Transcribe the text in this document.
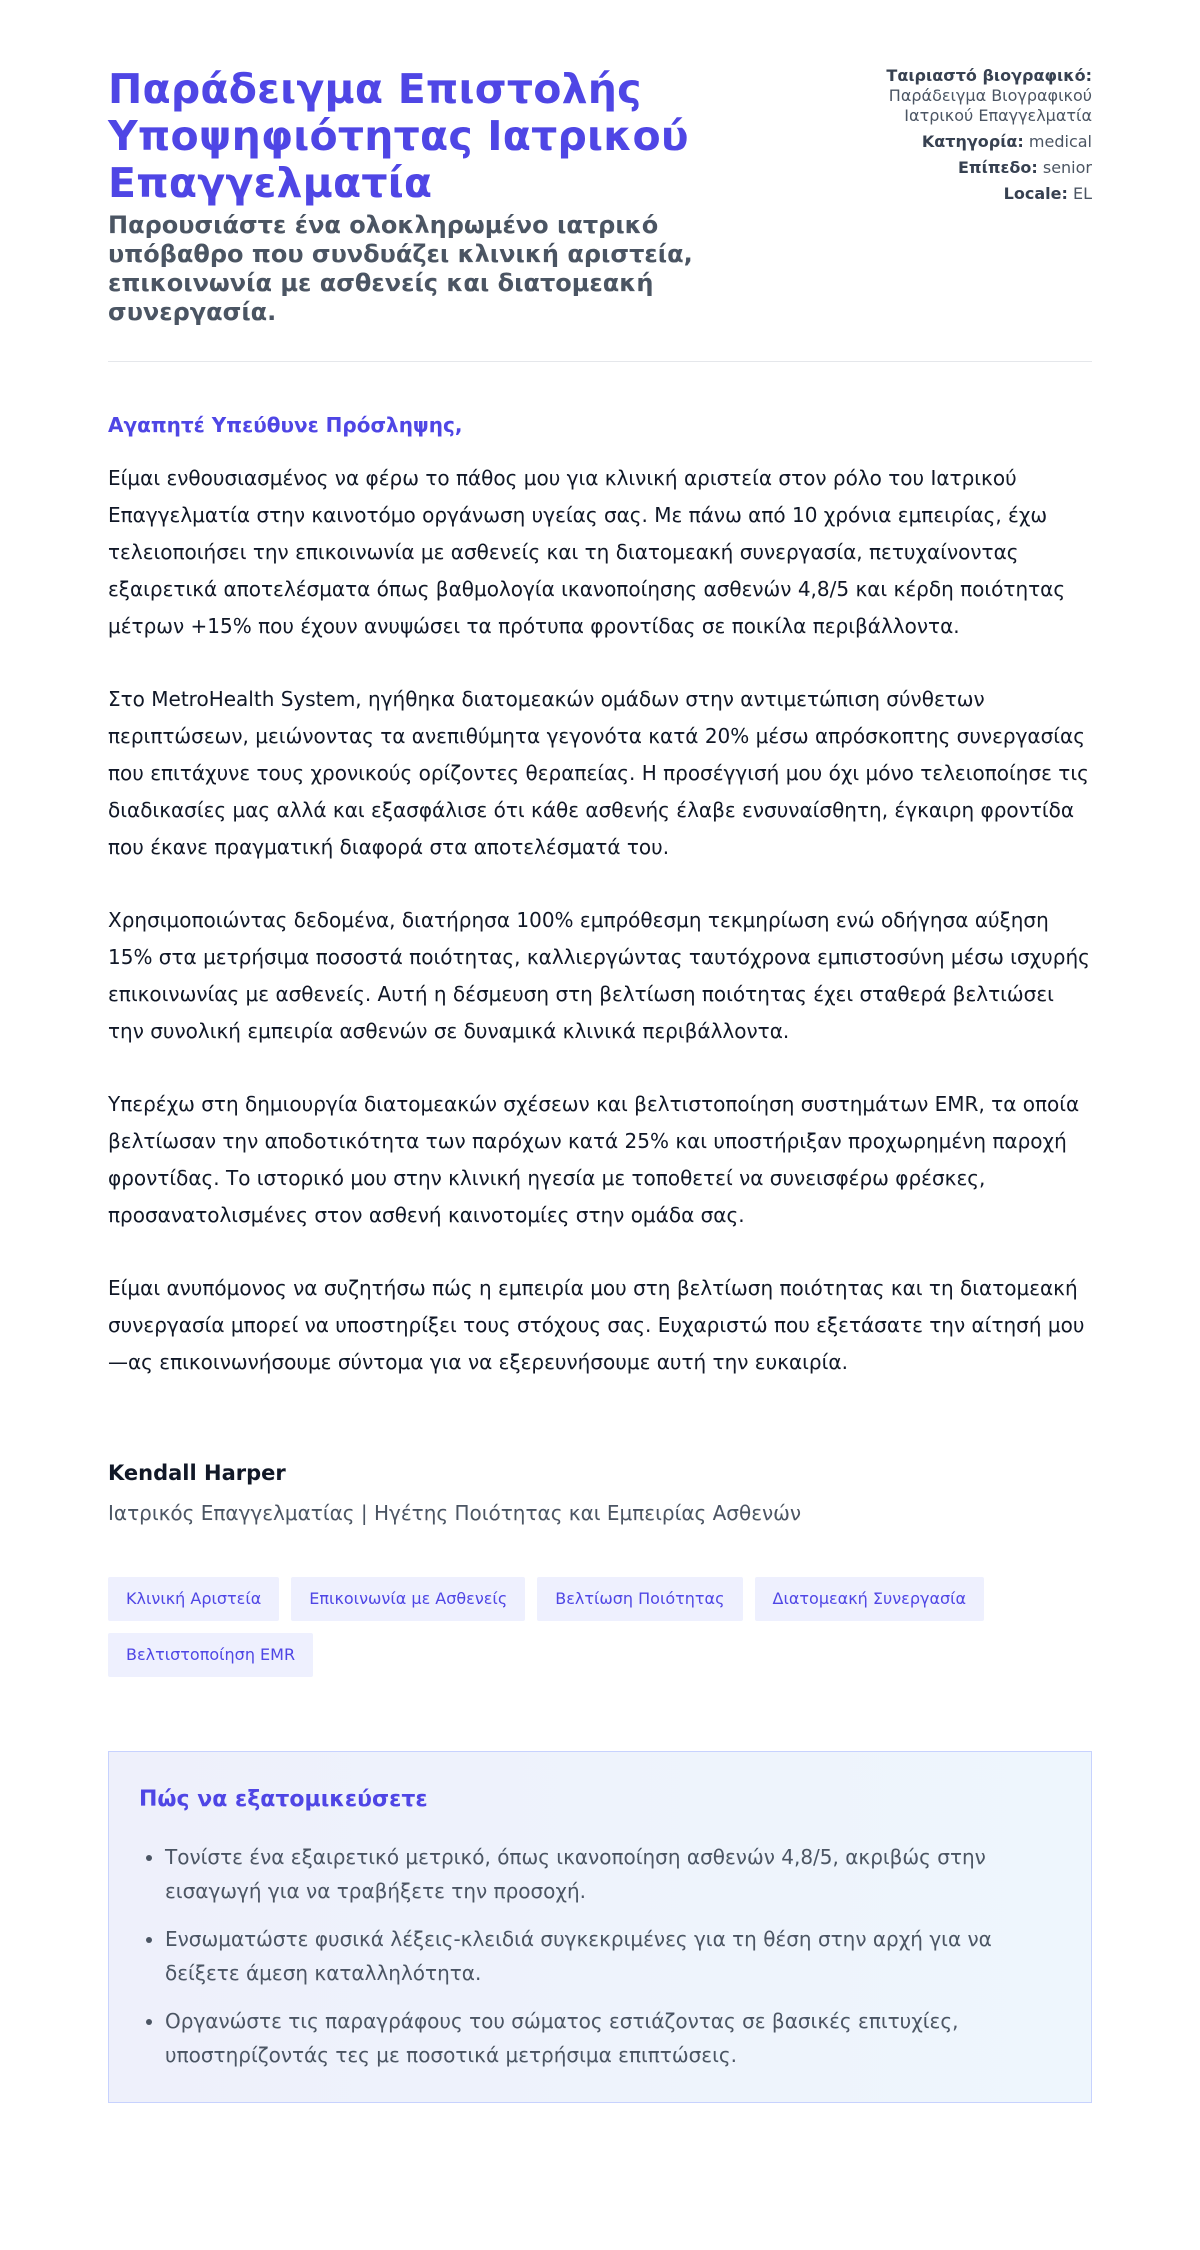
Παράδειγμα Επιστολής Υποψηφιότητας Ιατρικού Επαγγελματία

Παρουσιάστε ένα ολοκληρωμένο ιατρικό υπόβαθρο που συνδυάζει κλινική αριστεία, επικοινωνία με ασθενείς και διατομεακή συνεργασία.

Ταιριαστό βιογραφικό:
Παράδειγμα Βιογραφικού Ιατρικού Επαγγελματία
Κατηγορία: medical
Επίπεδο: senior
Locale: EL

Αγαπητέ Υπεύθυνε Πρόσληψης,

Είμαι ενθουσιασμένος να φέρω το πάθος μου για κλινική αριστεία στον ρόλο του Ιατρικού Επαγγελματία στην καινοτόμο οργάνωση υγείας σας. Με πάνω από 10 χρόνια εμπειρίας, έχω τελειοποιήσει την επικοινωνία με ασθενείς και τη διατομεακή συνεργασία, πετυχαίνοντας εξαιρετικά αποτελέσματα όπως βαθμολογία ικανοποίησης ασθενών 4,8/5 και κέρδη ποιότητας μέτρων +15% που έχουν ανυψώσει τα πρότυπα φροντίδας σε ποικίλα περιβάλλοντα.

Στο MetroHealth System, ηγήθηκα διατομεακών ομάδων στην αντιμετώπιση σύνθετων περιπτώσεων, μειώνοντας τα ανεπιθύμητα γεγονότα κατά 20% μέσω απρόσκοπτης συνεργασίας που επιτάχυνε τους χρονικούς ορίζοντες θεραπείας. Η προσέγγισή μου όχι μόνο τελειοποίησε τις διαδικασίες μας αλλά και εξασφάλισε ότι κάθε ασθενής έλαβε ενσυναίσθητη, έγκαιρη φροντίδα που έκανε πραγματική διαφορά στα αποτελέσματά του.

Χρησιμοποιώντας δεδομένα, διατήρησα 100% εμπρόθεσμη τεκμηρίωση ενώ οδήγησα αύξηση 15% στα μετρήσιμα ποσοστά ποιότητας, καλλιεργώντας ταυτόχρονα εμπιστοσύνη μέσω ισχυρής επικοινωνίας με ασθενείς. Αυτή η δέσμευση στη βελτίωση ποιότητας έχει σταθερά βελτιώσει την συνολική εμπειρία ασθενών σε δυναμικά κλινικά περιβάλλοντα.

Υπερέχω στη δημιουργία διατομεακών σχέσεων και βελτιστοποίηση συστημάτων EMR, τα οποία βελτίωσαν την αποδοτικότητα των παρόχων κατά 25% και υποστήριξαν προχωρημένη παροχή φροντίδας. Το ιστορικό μου στην κλινική ηγεσία με τοποθετεί να συνεισφέρω φρέσκες, προσανατολισμένες στον ασθενή καινοτομίες στην ομάδα σας.

Είμαι ανυπόμονος να συζητήσω πώς η εμπειρία μου στη βελτίωση ποιότητας και τη διατομεακή συνεργασία μπορεί να υποστηρίξει τους στόχους σας. Ευχαριστώ που εξετάσατε την αίτησή μου—ας επικοινωνήσουμε σύντομα για να εξερευνήσουμε αυτή την ευκαιρία.

Kendall Harper
Ιατρικός Επαγγελματίας | Ηγέτης Ποιότητας και Εμπειρίας Ασθενών
Κλινική Αριστεία	Επικοινωνία με Ασθενείς	Βελτίωση Ποιότητας	Διατομεακή Συνεργασία
Βελτιστοποίηση EMR
Πώς να εξατομικεύσετε
• Τονίστε ένα εξαιρετικό μετρικό, όπως ικανοποίηση ασθενών 4,8/5, ακριβώς στην εισαγωγή για να τραβήξετε την προσοχή.
• Ενσωματώστε φυσικά λέξεις-κλειδιά συγκεκριμένες για τη θέση στην αρχή για να δείξετε άμεση καταλληλότητα.
• Οργανώστε τις παραγράφους του σώματος εστιάζοντας σε βασικές επιτυχίες, υποστηρίζοντάς τες με ποσοτικά μετρήσιμα επιπτώσεις.
